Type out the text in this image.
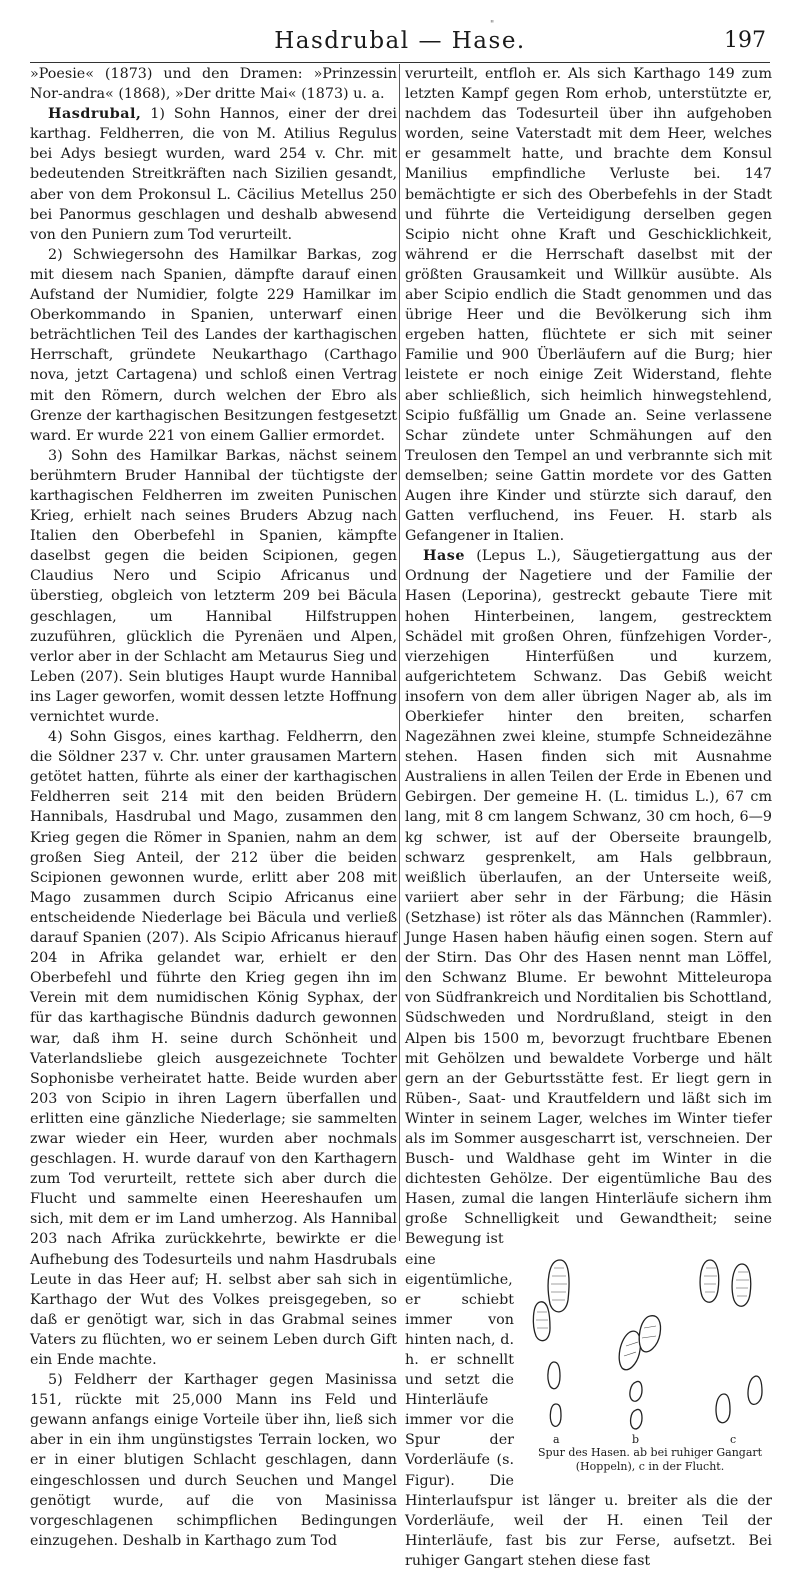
"
Hasdrubal — Hase.	197

»Poesie« (1873) und den Dramen: »Prinzessin Nor-andra« (1868), »Der dritte Mai« (1873) u. a.

Hasdrubal, 1) Sohn Hannos, einer der drei karthag. Feldherren, die von M. Atilius Regulus bei Adys besiegt wurden, ward 254 v. Chr. mit bedeutenden Streitkräften nach Sizilien gesandt, aber von dem Prokonsul L. Cäcilius Metellus 250 bei Panormus geschlagen und deshalb abwesend von den Puniern zum Tod verurteilt.

2) Schwiegersohn des Hamilkar Barkas, zog mit diesem nach Spanien, dämpfte darauf einen Aufstand der Numidier, folgte 229 Hamilkar im Oberkommando in Spanien, unterwarf einen beträchtlichen Teil des Landes der karthagischen Herrschaft, gründete Neukarthago (Carthago nova, jetzt Cartagena) und schloß einen Vertrag mit den Römern, durch welchen der Ebro als Grenze der karthagischen Besitzungen festgesetzt ward. Er wurde 221 von einem Gallier ermordet.

3) Sohn des Hamilkar Barkas, nächst seinem berühmtern Bruder Hannibal der tüchtigste der karthagischen Feldherren im zweiten Punischen Krieg, erhielt nach seines Bruders Abzug nach Italien den Oberbefehl in Spanien, kämpfte daselbst gegen die beiden Scipionen, gegen Claudius Nero und Scipio Africanus und überstieg, obgleich von letzterm 209 bei Bäcula geschlagen, um Hannibal Hilfstruppen zuzuführen, glücklich die Pyrenäen und Alpen, verlor aber in der Schlacht am Metaurus Sieg und Leben (207). Sein blutiges Haupt wurde Hannibal ins Lager geworfen, womit dessen letzte Hoffnung vernichtet wurde.

4) Sohn Gisgos, eines karthag. Feldherrn, den die Söldner 237 v. Chr. unter grausamen Martern getötet hatten, führte als einer der karthagischen Feldherren seit 214 mit den beiden Brüdern Hannibals, Hasdrubal und Mago, zusammen den Krieg gegen die Römer in Spanien, nahm an dem großen Sieg Anteil, der 212 über die beiden Scipionen gewonnen wurde, erlitt aber 208 mit Mago zusammen durch Scipio Africanus eine entscheidende Niederlage bei Bäcula und verließ darauf Spanien (207). Als Scipio Africanus hierauf 204 in Afrika gelandet war, erhielt er den Oberbefehl und führte den Krieg gegen ihn im Verein mit dem numidischen König Syphax, der für das karthagische Bündnis dadurch gewonnen war, daß ihm H. seine durch Schönheit und Vaterlandsliebe gleich ausgezeichnete Tochter Sophonisbe verheiratet hatte. Beide wurden aber 203 von Scipio in ihren Lagern überfallen und erlitten eine gänzliche Niederlage; sie sammelten zwar wieder ein Heer, wurden aber nochmals geschlagen. H. wurde darauf von den Karthagern zum Tod verurteilt, rettete sich aber durch die Flucht und sammelte einen Heereshaufen um sich, mit dem er im Land umherzog. Als Hannibal 203 nach Afrika zurückkehrte, bewirkte er die Aufhebung des Todesurteils und nahm Hasdrubals Leute in das Heer auf; H. selbst aber sah sich in Karthago der Wut des Volkes preisgegeben, so daß er genötigt war, sich in das Grabmal seines Vaters zu flüchten, wo er seinem Leben durch Gift ein Ende machte.

5) Feldherr der Karthager gegen Masinissa 151, rückte mit 25,000 Mann ins Feld und gewann anfangs einige Vorteile über ihn, ließ sich aber in ein ihm ungünstigstes Terrain locken, wo er in einer blutigen Schlacht geschlagen, dann eingeschlossen und durch Seuchen und Mangel genötigt wurde, auf die von Masinissa vorgeschlagenen schimpflichen Bedingungen einzugehen. Deshalb in Karthago zum Tod

verurteilt, entfloh er. Als sich Karthago 149 zum letzten Kampf gegen Rom erhob, unterstützte er, nachdem das Todesurteil über ihn aufgehoben worden, seine Vaterstadt mit dem Heer, welches er gesammelt hatte, und brachte dem Konsul Manilius empfindliche Verluste bei. 147 bemächtigte er sich des Oberbefehls in der Stadt und führte die Verteidigung derselben gegen Scipio nicht ohne Kraft und Geschicklichkeit, während er die Herrschaft daselbst mit der größten Grausamkeit und Willkür ausübte. Als aber Scipio endlich die Stadt genommen und das übrige Heer und die Bevölkerung sich ihm ergeben hatten, flüchtete er sich mit seiner Familie und 900 Überläufern auf die Burg; hier leistete er noch einige Zeit Widerstand, flehte aber schließlich, sich heimlich hinwegstehlend, Scipio fußfällig um Gnade an. Seine verlassene Schar zündete unter Schmähungen auf den Treulosen den Tempel an und verbrannte sich mit demselben; seine Gattin mordete vor des Gatten Augen ihre Kinder und stürzte sich darauf, den Gatten verfluchend, ins Feuer. H. starb als Gefangener in Italien.

Hase (Lepus L.), Säugetiergattung aus der Ordnung der Nagetiere und der Familie der Hasen (Leporina), gestreckt gebaute Tiere mit hohen Hinterbeinen, langem, gestrecktem Schädel mit großen Ohren, fünfzehigen Vorder-, vierzehigen Hinterfüßen und kurzem, aufgerichtetem Schwanz. Das Gebiß weicht insofern von dem aller übrigen Nager ab, als im Oberkiefer hinter den breiten, scharfen Nagezähnen zwei kleine, stumpfe Schneidezähne stehen. Hasen finden sich mit Ausnahme Australiens in allen Teilen der Erde in Ebenen und Gebirgen. Der gemeine H. (L. timidus L.), 67 cm lang, mit 8 cm langem Schwanz, 30 cm hoch, 6—9 kg schwer, ist auf der Oberseite braungelb, schwarz gesprenkelt, am Hals gelbbraun, weißlich überlaufen, an der Unterseite weiß, variiert aber sehr in der Färbung; die Häsin (Setzhase) ist röter als das Männchen (Rammler). Junge Hasen haben häufig einen sogen. Stern auf der Stirn. Das Ohr des Hasen nennt man Löffel, den Schwanz Blume. Er bewohnt Mitteleuropa von Südfrankreich und Norditalien bis Schottland, Südschweden und Nordrußland, steigt in den Alpen bis 1500 m, bevorzugt fruchtbare Ebenen mit Gehölzen und bewaldete Vorberge und hält gern an der Geburtsstätte fest. Er liegt gern in Rüben-, Saat- und Krautfeldern und läßt sich im Winter in seinem Lager, welches im Winter tiefer als im Sommer ausgescharrt ist, verschneien. Der Busch- und Waldhase geht im Winter in die dichtesten Gehölze. Der eigentümliche Bau des Hasen, zumal die langen Hinterläufe sichern ihm große Schnelligkeit und Gewandtheit; seine Bewegung ist

a	b	c
Spur des Hasen. ab bei ruhiger Gangart (Hoppeln), c in der Flucht.

eine eigentümliche, er schiebt immer von hinten nach, d. h. er schnellt und setzt die Hinterläufe immer vor die Spur der Vorderläufe (s. Figur). Die Hinterlaufspur ist länger u. breiter als die der Vorderläufe, weil der H. einen Teil der Hinterläufe, fast bis zur Ferse, aufsetzt. Bei ruhiger Gangart stehen diese fast
